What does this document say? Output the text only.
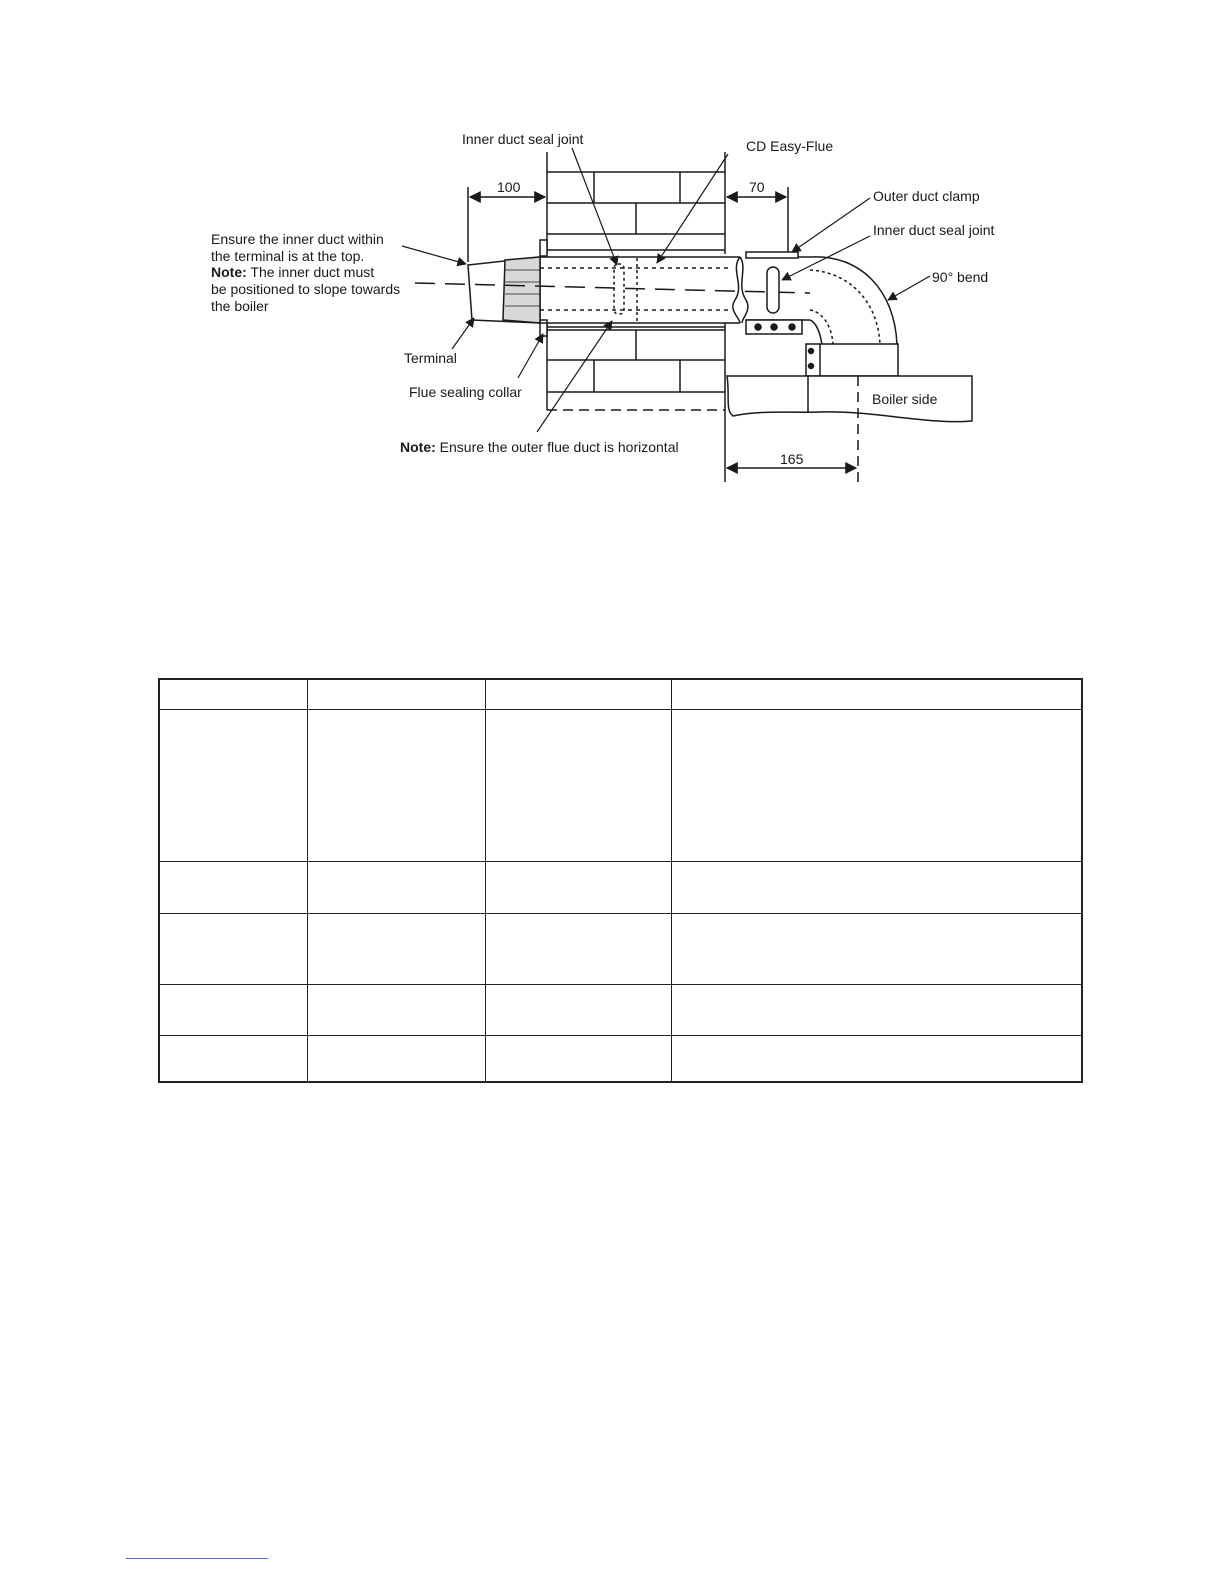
Inner duct seal joint	CD Easy-Flue
100	70
Outer duct clamp
Inner duct seal joint
90° bend
Ensure the inner duct within
the terminal is at the top.
Note: The inner duct must
be positioned to slope towards
the boiler
Terminal
Flue sealing collar	Boiler side
Note: Ensure the outer flue duct is horizontal
165
